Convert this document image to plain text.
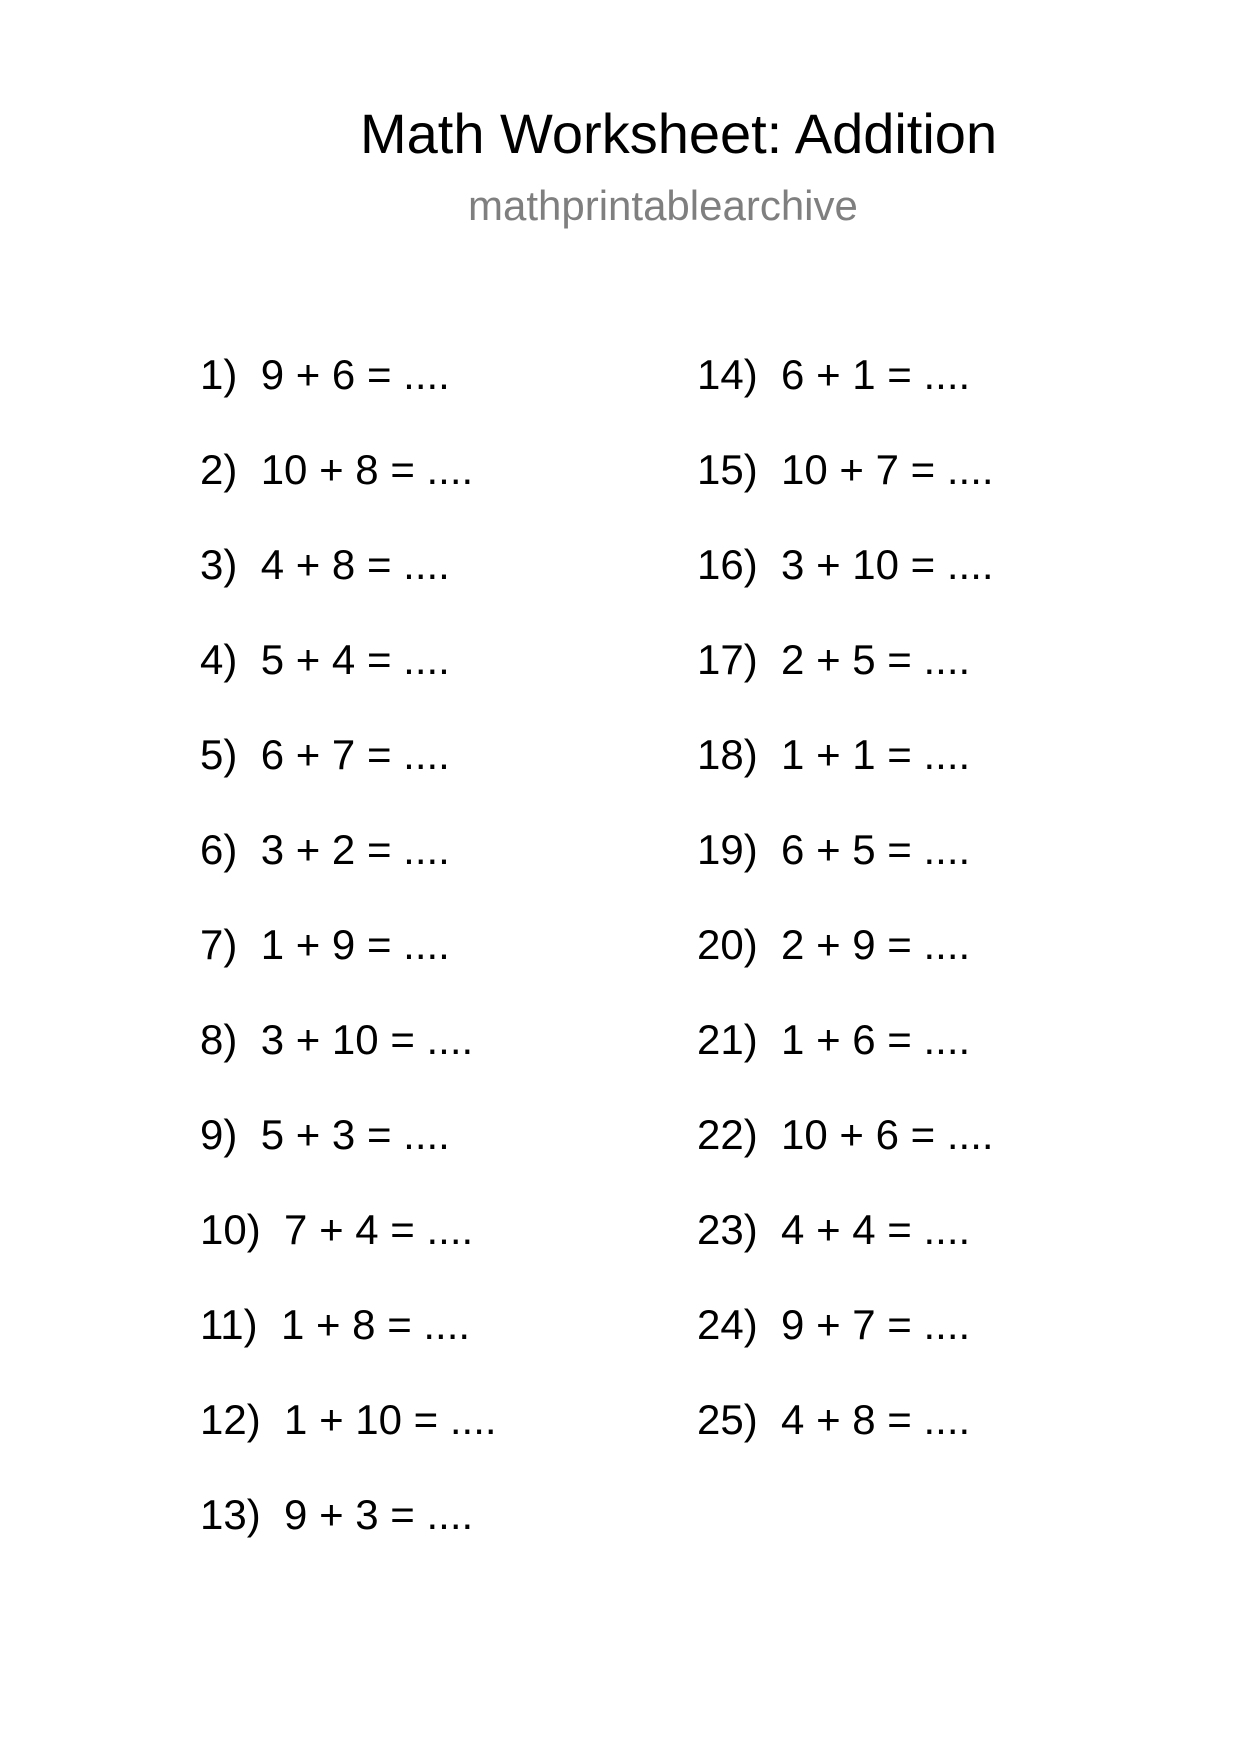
Math Worksheet: Addition
mathprintablearchive
1) 9 + 6 = ....
2) 10 + 8 = ....
3) 4 + 8 = ....
4) 5 + 4 = ....
5) 6 + 7 = ....
6) 3 + 2 = ....
7) 1 + 9 = ....
8) 3 + 10 = ....
9) 5 + 3 = ....
10) 7 + 4 = ....
11) 1 + 8 = ....
12) 1 + 10 = ....
13) 9 + 3 = ....
14) 6 + 1 = ....
15) 10 + 7 = ....
16) 3 + 10 = ....
17) 2 + 5 = ....
18) 1 + 1 = ....
19) 6 + 5 = ....
20) 2 + 9 = ....
21) 1 + 6 = ....
22) 10 + 6 = ....
23) 4 + 4 = ....
24) 9 + 7 = ....
25) 4 + 8 = ....
